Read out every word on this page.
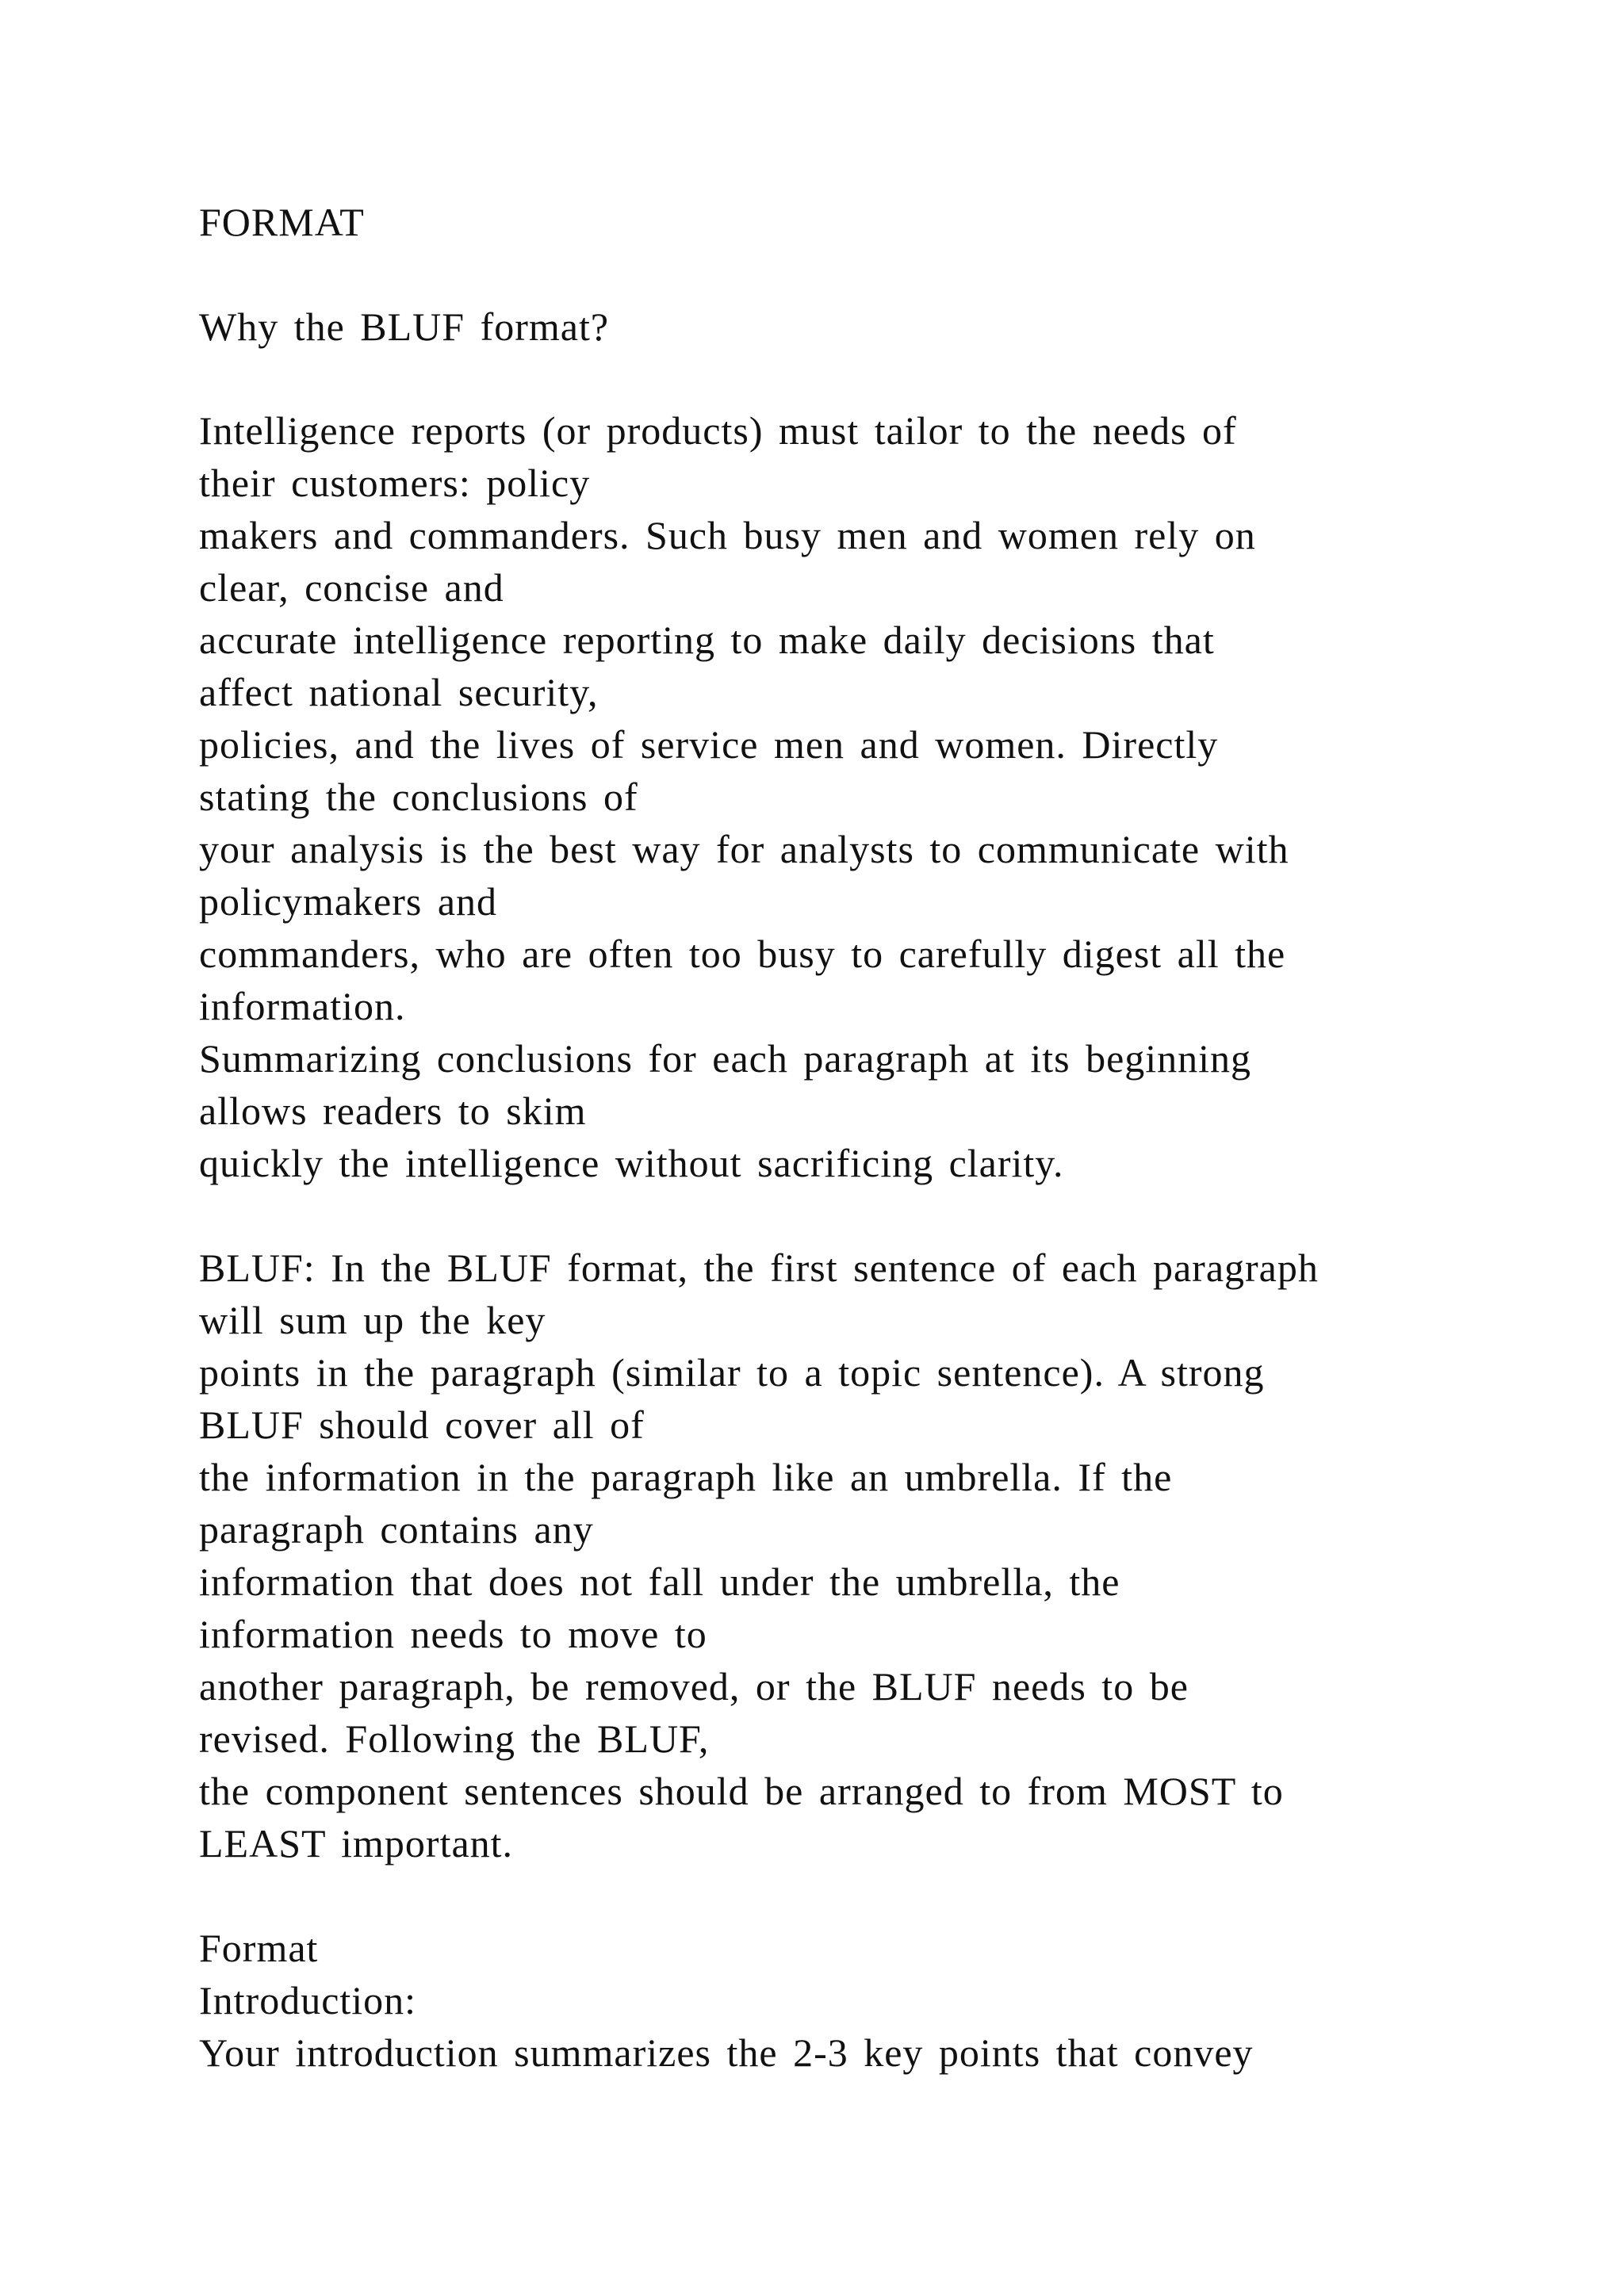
FORMAT

Why the BLUF format?

Intelligence reports (or products) must tailor to the needs of

their customers: policy

makers and commanders. Such busy men and women rely on

clear, concise and

accurate intelligence reporting to make daily decisions that

affect national security,

policies, and the lives of service men and women. Directly

stating the conclusions of

your analysis is the best way for analysts to communicate with

policymakers and

commanders, who are often too busy to carefully digest all the

information.

Summarizing conclusions for each paragraph at its beginning

allows readers to skim

quickly the intelligence without sacrificing clarity.

BLUF: In the BLUF format, the first sentence of each paragraph

will sum up the key

points in the paragraph (similar to a topic sentence). A strong

BLUF should cover all of

the information in the paragraph like an umbrella. If the

paragraph contains any

information that does not fall under the umbrella, the

information needs to move to

another paragraph, be removed, or the BLUF needs to be

revised. Following the BLUF,

the component sentences should be arranged to from MOST to

LEAST important.

Format

Introduction:

Your introduction summarizes the 2-3 key points that convey
